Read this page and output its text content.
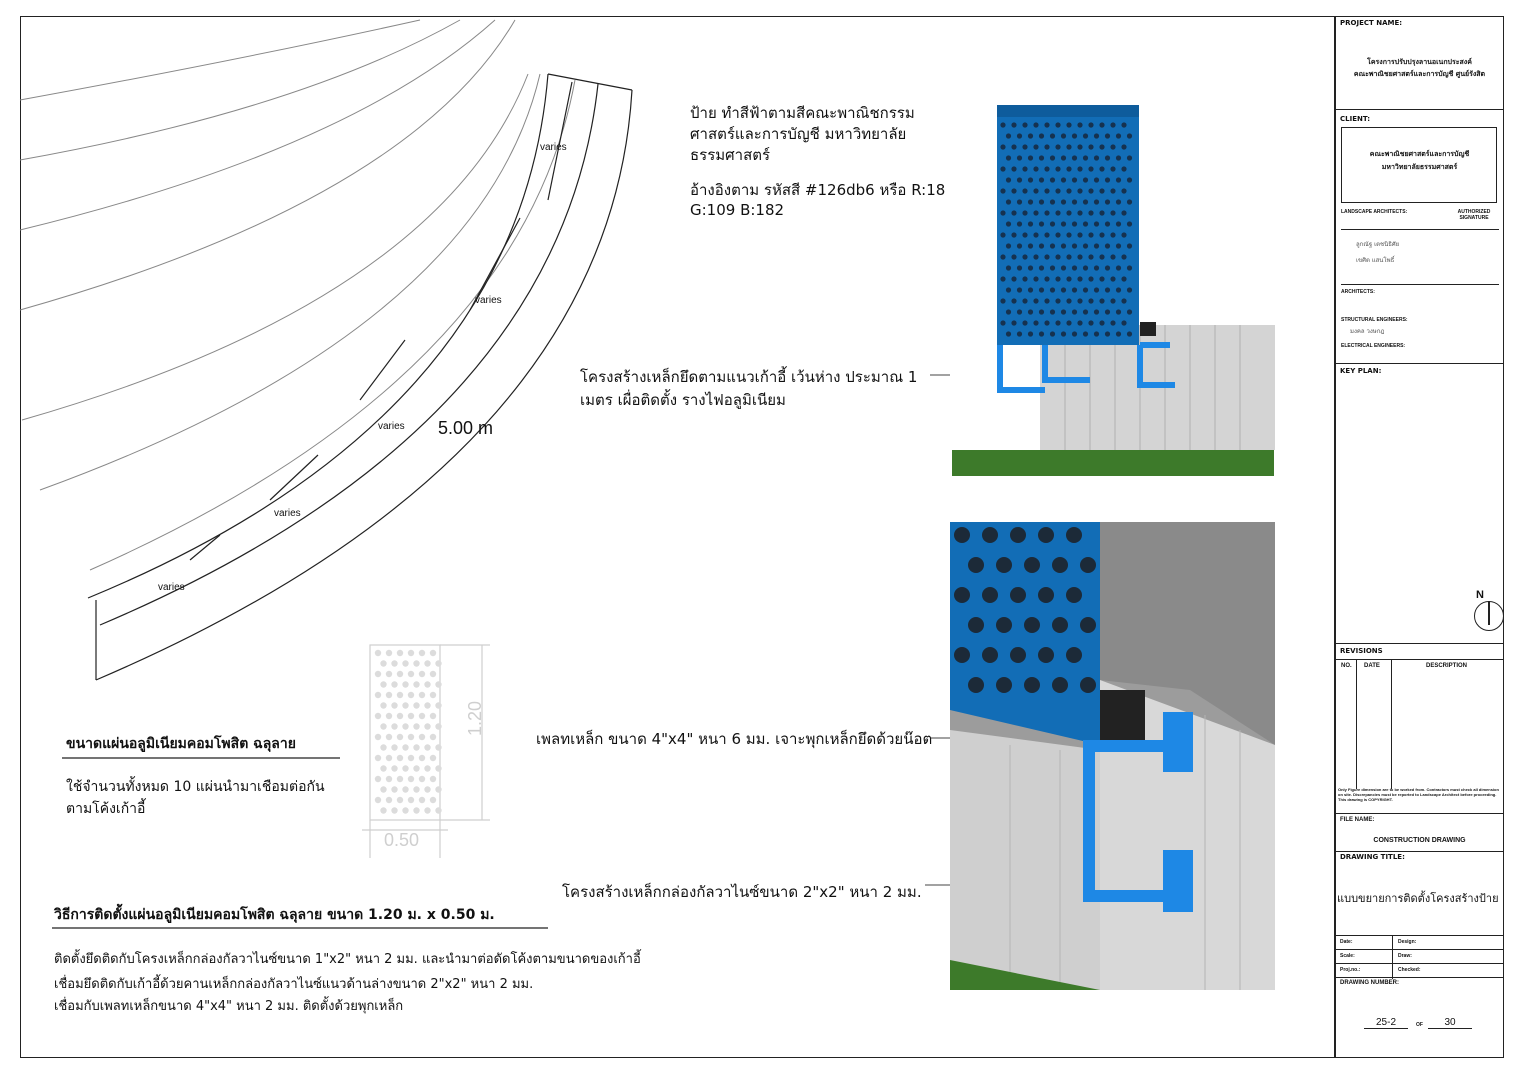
varies
varies
varies
varies
varies
5.00 m
1.20
0.50
ขนาดแผ่นอลูมิเนียมคอมโพสิต ฉลุลาย
ใช้จำนวนทั้งหมด 10 แผ่นนำมาเชือมต่อกัน
ตามโค้งเก้าอี้
วิธีการติดตั้งแผ่นอลูมิเนียมคอมโพสิต ฉลุลาย ขนาด 1.20 ม. x 0.50 ม.
ติดตั้งยึดติดกับโครงเหล็กกล่องกัลวาไนซ์ขนาด 1"x2" หนา 2 มม. และนำมาต่อดัดโค้งตามขนาดของเก้าอี้
เชื่อมยึดติดกับเก้าอี้ด้วยคานเหล็กกล่องกัลวาไนซ์แนวด้านล่างขนาด 2"x2" หนา 2 มม.
เชื่อมกับเพลทเหล็กขนาด 4"x4" หนา 2 มม. ติดตั้งด้วยพุกเหล็ก
ป้าย ทำสีฟ้าตามสีคณะพาณิชกรรม
ศาสตร์และการบัญชี มหาวิทยาลัย
ธรรมศาสตร์
อ้างอิงตาม รหัสสี #126db6 หรือ R:18
G:109 B:182
โครงสร้างเหล็กยึดตามแนวเก้าอี้ เว้นห่าง ประมาณ 1
เมตร เผื่อติดตั้ง รางไฟอลูมิเนียม
เพลทเหล็ก ขนาด 4"x4" หนา 6 มม. เจาะพุกเหล็กยึดด้วยน๊อต
โครงสร้างเหล็กกล่องกัลวาไนซ์ขนาด 2"x2" หนา 2 มม.
PROJECT NAME:
โครงการปรับปรุงลานอเนกประสงค์
คณะพาณิชยศาสตร์และการบัญชี ศูนย์รังสิต
CLIENT:
คณะพาณิชยศาสตร์และการบัญชี
มหาวิทยาลัยธรรมศาสตร์
LANDSCAPE ARCHITECTS:	AUTHORIZED SIGNATURE
ลูกณัฐ เตชนิธิศัย
เขศิต แสนโพธิ์
ARCHITECTS:
STRUCTURAL ENGINEERS:
มงคล วงษกฎ
ELECTRICAL ENGINEERS:
KEY PLAN:
N
REVISIONS
NO. DATE	DESCRIPTION
Only Figure dimension are to be worked from. Contractors must check all dimension on site. Discrepancies must be reported to Landscape Architect before proceeding. This drawing is COPYRIGHT.
FILE NAME:
CONSTRUCTION DRAWING
DRAWING TITLE:
แบบขยายการติดตั้งโครงสร้างป้าย
Date:	Design:
Scale:	Draw:
Proj.no.:	Checked:
DRAWING NUMBER:
25-2	OF	30
